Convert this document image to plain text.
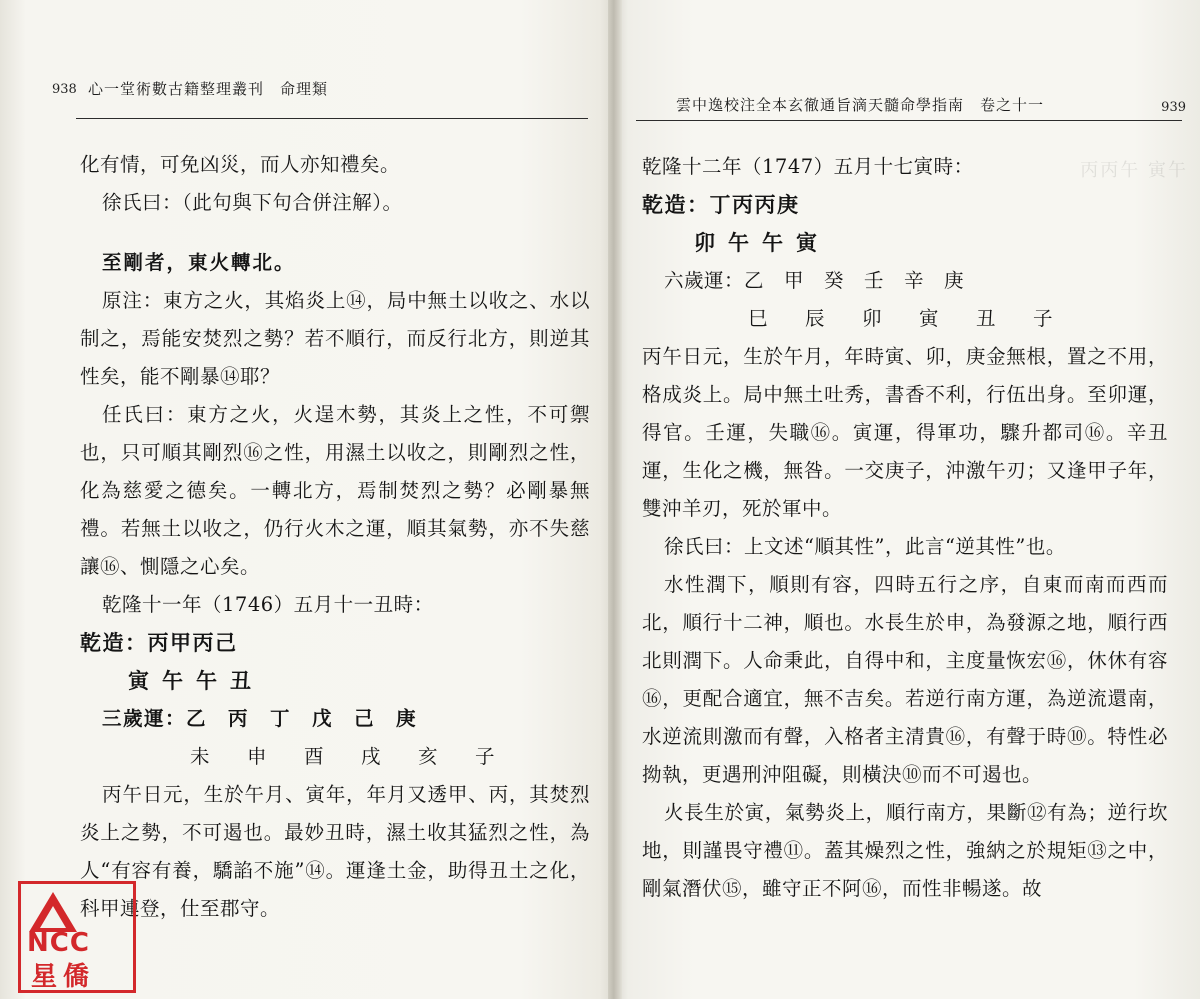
938 心一堂術數古籍整理叢刊　命理類

化有情，可免凶災，而人亦知禮矣。

徐氏曰：（此句與下句合併注解）。

至剛者，東火轉北。

原注：東方之火，其焰炎上⑭，局中無土以收之、水以制之，焉能安焚烈之勢？若不順行，而反行北方，則逆其性矣，能不剛暴⑭耶？

任氏曰：東方之火，火逞木勢，其炎上之性，不可禦也，只可順其剛烈⑯之性，用濕土以收之，則剛烈之性，化為慈愛之德矣。一轉北方，焉制焚烈之勢？必剛暴無禮。若無土以收之，仍行火木之運，順其氣勢，亦不失慈讓⑯、惻隱之心矣。

乾隆十一年（1746）五月十一丑時：

乾造：丙甲丙己

寅午午丑

三歲運：乙　丙　丁　戊　己　庚

未　申　酉　戌　亥　子

丙午日元，生於午月、寅年，年月又透甲、丙，其焚烈炎上之勢，不可遏也。最妙丑時，濕土收其猛烈之性，為人“有容有養，驕諂不施”⑭。運逢土金，助得丑土之化，科甲連登，仕至郡守。

NCC
星僑
雲中逸校注全本玄徹通旨滴天髓命學指南　卷之十一	939
丙丙午 寅午

乾隆十二年（1747）五月十七寅時：

乾造：丁丙丙庚

卯午午寅

六歲運：乙　甲　癸　壬　辛　庚

巳　辰　卯　寅　丑　子

丙午日元，生於午月，年時寅、卯，庚金無根，置之不用，格成炎上。局中無土吐秀，書香不利，行伍出身。至卯運，得官。壬運，失職⑯。寅運，得軍功，驟升都司⑯。辛丑運，生化之機，無咎。一交庚子，沖激午刃；又逢甲子年，雙沖羊刃，死於軍中。

徐氏曰：上文述“順其性”，此言“逆其性”也。

水性潤下，順則有容，四時五行之序，自東而南而西而北，順行十二神，順也。水長生於申，為發源之地，順行西北則潤下。人命秉此，自得中和，主度量恢宏⑯，休休有容⑯，更配合適宜，無不吉矣。若逆行南方運，為逆流還南，水逆流則激而有聲，入格者主清貴⑯，有聲于時⑩。特性必拗執，更遇刑沖阻礙，則橫決⑩而不可遏也。

火長生於寅，氣勢炎上，順行南方，果斷⑫有為；逆行坎地，則謹畏守禮⑪。蓋其燥烈之性，強納之於規矩⑬之中，剛氣潛伏⑮，雖守正不阿⑯，而性非暢遂。故
